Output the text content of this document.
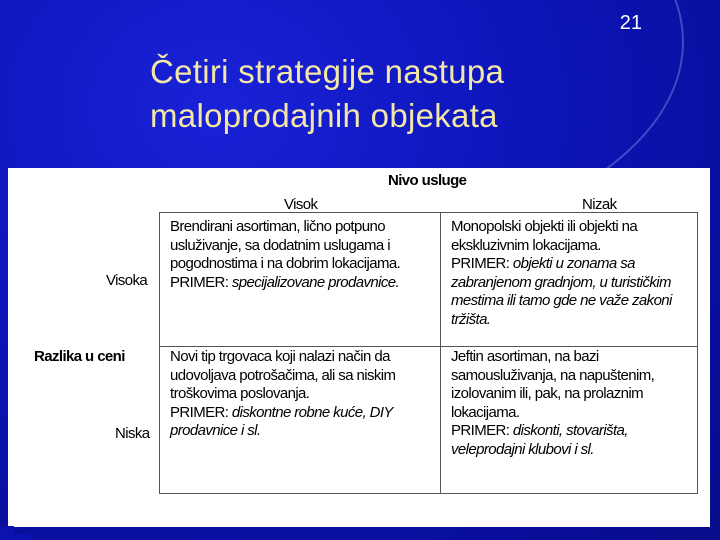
21
Četiri strategije nastupa
maloprodajnih objekata
Nivo usluge
Visok	Nizak
Visoka
Razlika u ceni
Niska
Brendirani asortiman, lično potpuno
usluživanje, sa dodatnim uslugama i
pogodnostima i na dobrim lokacijama.
PRIMER: specijalizovane prodavnice.
Monopolski objekti ili objekti na
ekskluzivnim lokacijama.
PRIMER: objekti u zonama sa
zabranjenom gradnjom, u turističkim
mestima ili tamo gde ne važe zakoni
tržišta.
Novi tip trgovaca koji nalazi način da
udovoljava potrošačima, ali sa niskim
troškovima poslovanja.
PRIMER: diskontne robne kuće, DIY
prodavnice i sl.
Jeftin asortiman, na bazi
samousluživanja, na napuštenim,
izolovanim ili, pak, na prolaznim
lokacijama.
PRIMER: diskonti, stovarišta,
veleprodajni klubovi i sl.
